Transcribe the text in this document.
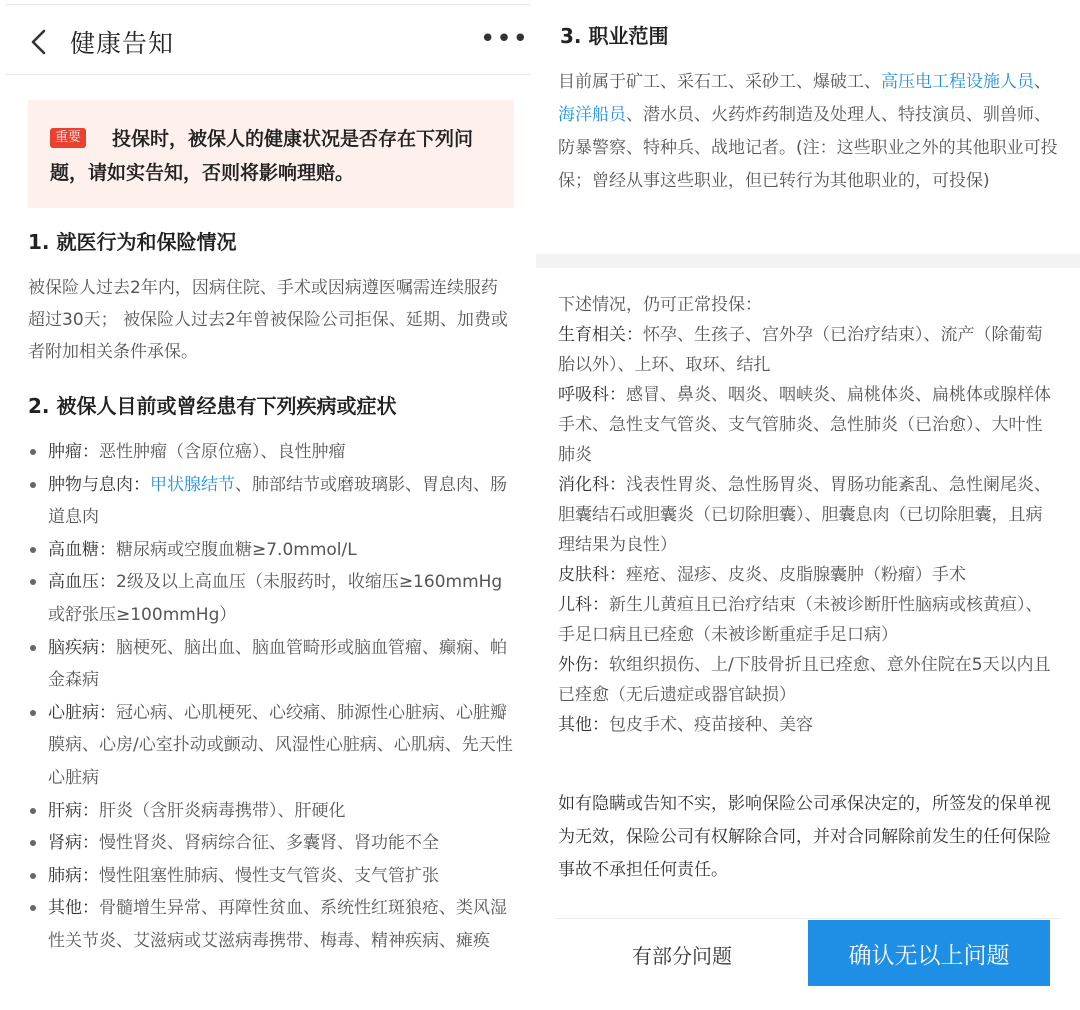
健康告知	•••
重要	投保时，被保人的健康状况是否存在下列问题，请如实告知，否则将影响理赔。
1. 就医行为和保险情况
被保险人过去2年内，因病住院、手术或因病遵医嘱需连续服药超过30天； 被保险人过去2年曾被保险公司拒保、延期、加费或者附加相关条件承保。
2. 被保人目前或曾经患有下列疾病或症状
肿瘤：恶性肿瘤（含原位癌）、良性肿瘤
肿物与息肉：甲状腺结节、肺部结节或磨玻璃影、胃息肉、肠道息肉
高血糖：糖尿病或空腹血糖≥7.0mmol/L
高血压：2级及以上高血压（未服药时，收缩压≥160mmHg或舒张压≥100mmHg）
脑疾病：脑梗死、脑出血、脑血管畸形或脑血管瘤、癫痫、帕金森病
心脏病：冠心病、心肌梗死、心绞痛、肺源性心脏病、心脏瓣膜病、心房/心室扑动或颤动、风湿性心脏病、心肌病、先天性心脏病
肝病：肝炎（含肝炎病毒携带）、肝硬化
肾病：慢性肾炎、肾病综合征、多囊肾、肾功能不全
肺病：慢性阻塞性肺病、慢性支气管炎、支气管扩张
其他：骨髓增生异常、再障性贫血、系统性红斑狼疮、类风湿性关节炎、艾滋病或艾滋病毒携带、梅毒、精神疾病、瘫痪
3. 职业范围
目前属于矿工、采石工、采砂工、爆破工、高压电工程设施人员、海洋船员、潜水员、火药炸药制造及处理人、特技演员、驯兽师、防暴警察、特种兵、战地记者。(注：这些职业之外的其他职业可投保；曾经从事这些职业，但已转行为其他职业的，可投保)
下述情况，仍可正常投保：
生育相关：怀孕、生孩子、宫外孕（已治疗结束）、流产（除葡萄胎以外）、上环、取环、结扎
呼吸科：感冒、鼻炎、咽炎、咽峡炎、扁桃体炎、扁桃体或腺样体手术、急性支气管炎、支气管肺炎、急性肺炎（已治愈）、大叶性肺炎
消化科：浅表性胃炎、急性肠胃炎、胃肠功能紊乱、急性阑尾炎、胆囊结石或胆囊炎（已切除胆囊）、胆囊息肉（已切除胆囊，且病理结果为良性）
皮肤科：痤疮、湿疹、皮炎、皮脂腺囊肿（粉瘤）手术
儿科：新生儿黄疸且已治疗结束（未被诊断肝性脑病或核黄疸）、手足口病且已痊愈（未被诊断重症手足口病）
外伤：软组织损伤、上/下肢骨折且已痊愈、意外住院在5天以内且已痊愈（无后遗症或器官缺损）
其他：包皮手术、疫苗接种、美容
如有隐瞒或告知不实，影响保险公司承保决定的，所签发的保单视为无效，保险公司有权解除合同，并对合同解除前发生的任何保险事故不承担任何责任。
有部分问题	确认无以上问题
